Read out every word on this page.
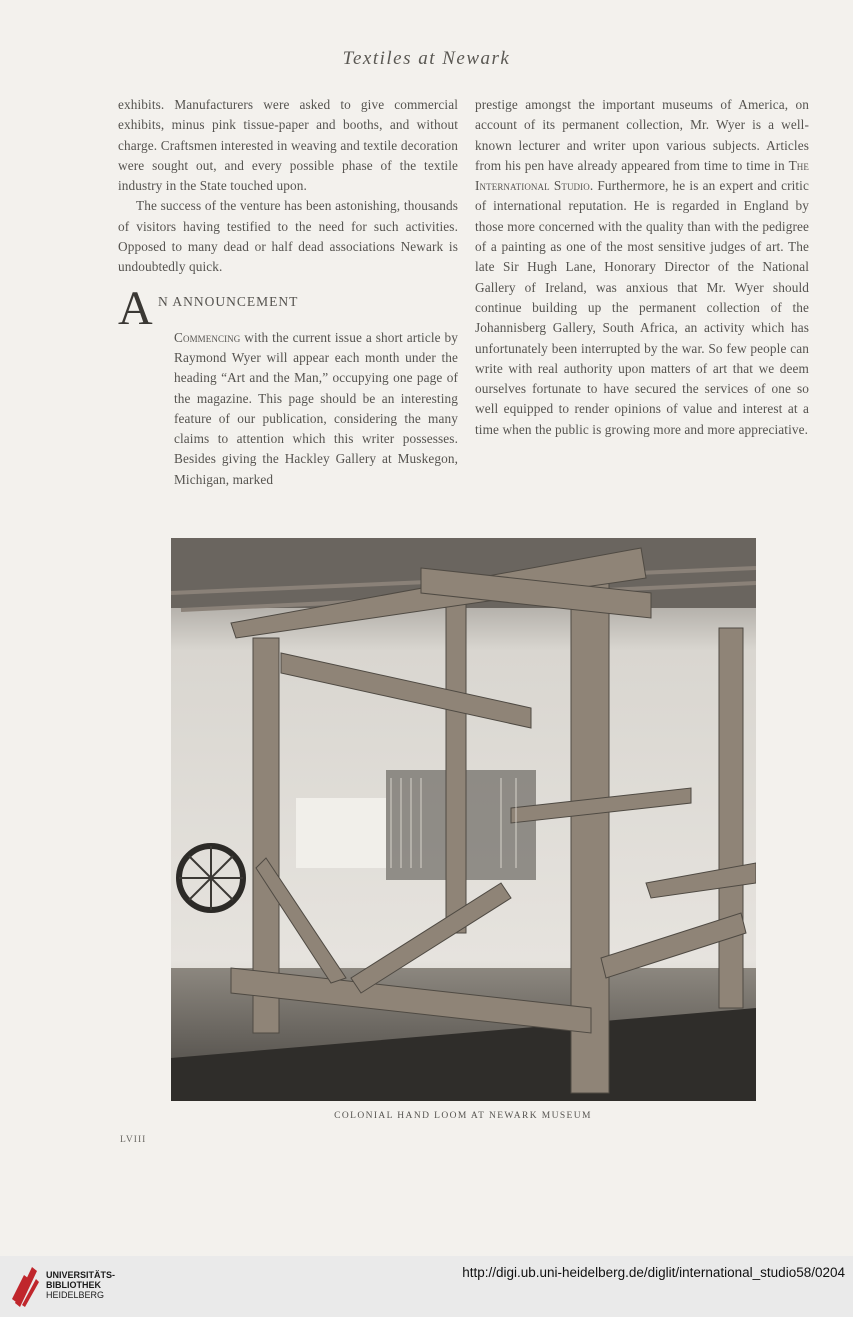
Textiles at Newark

exhibits. Manufacturers were asked to give commercial exhibits, minus pink tissue-paper and booths, and without charge. Craftsmen interested in weaving and textile decoration were sought out, and every possible phase of the textile industry in the State touched upon.

The success of the venture has been astonishing, thousands of visitors having testified to the need for such activities. Opposed to many dead or half dead associations Newark is undoubtedly quick.

A N ANNOUNCEMENT

Commencing with the current issue a short article by Raymond Wyer will appear each month under the heading “Art and the Man,” occupying one page of the magazine. This page should be an interesting feature of our publication, considering the many claims to attention which this writer possesses. Besides giving the Hackley Gallery at Muskegon, Michigan, marked

prestige amongst the important museums of America, on account of its permanent collection, Mr. Wyer is a well-known lecturer and writer upon various subjects. Articles from his pen have already appeared from time to time in The International Studio. Furthermore, he is an expert and critic of international reputation. He is regarded in England by those more concerned with the quality than with the pedigree of a painting as one of the most sensitive judges of art. The late Sir Hugh Lane, Honorary Director of the National Gallery of Ireland, was anxious that Mr. Wyer should continue building up the permanent collection of the Johannisberg Gallery, South Africa, an activity which has unfortunately been interrupted by the war. So few people can write with real authority upon matters of art that we deem ourselves fortunate to have secured the services of one so well equipped to render opinions of value and interest at a time when the public is growing more and more appreciative.

COLONIAL HAND LOOM AT NEWARK MUSEUM
LVIII
UNIVERSITÄTS-
BIBLIOTHEK
HEIDELBERG
http://digi.ub.uni-heidelberg.de/diglit/international_studio58/0204
